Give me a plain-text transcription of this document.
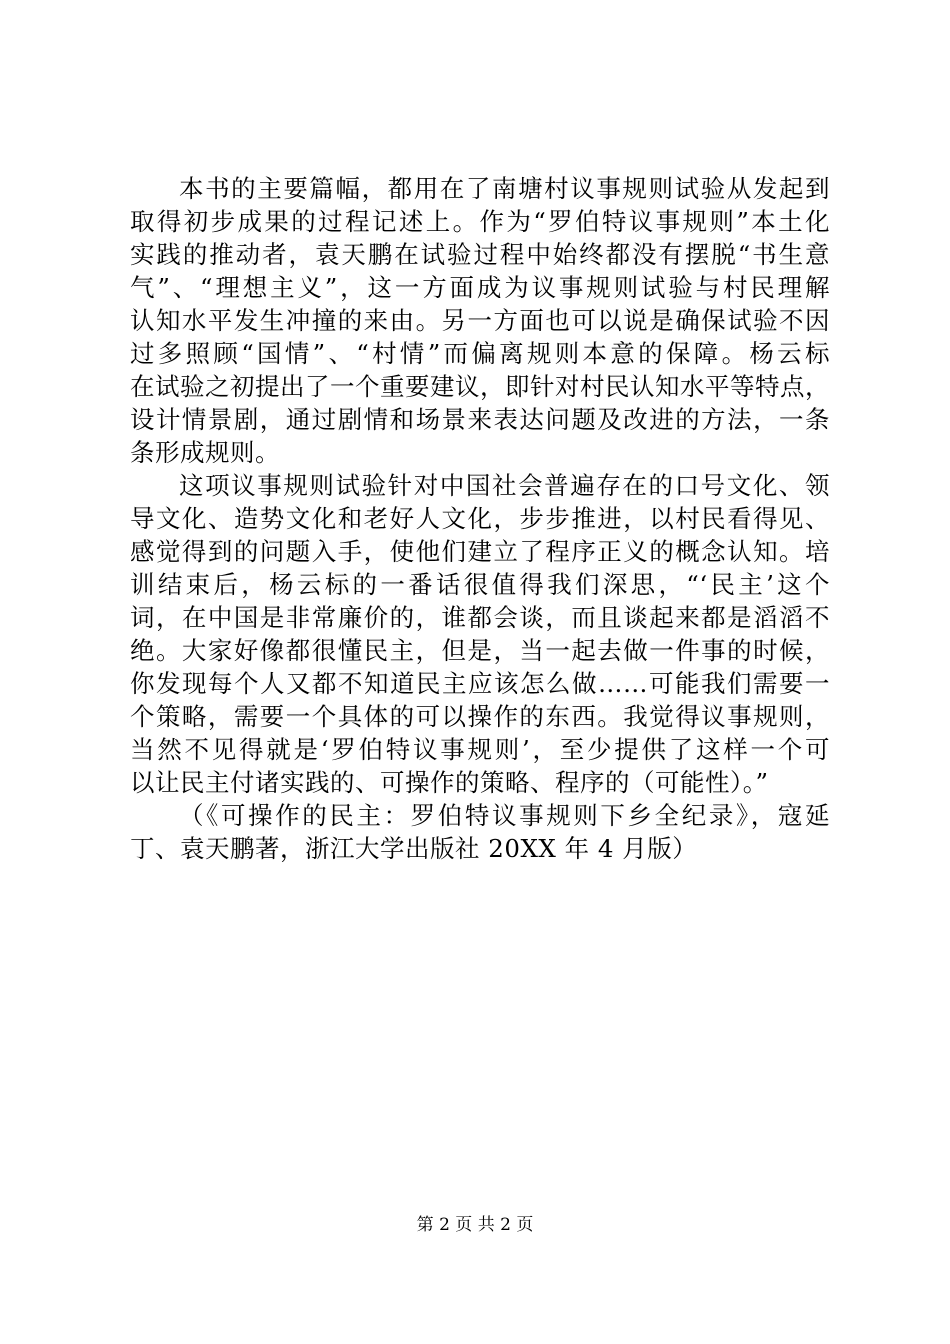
本书的主要篇幅，都用在了南塘村议事规则试验从发起到
取得初步成果的过程记述上。作为“罗伯特议事规则”本土化
实践的推动者，袁天鹏在试验过程中始终都没有摆脱“书生意
气”、“理想主义”，这一方面成为议事规则试验与村民理解
认知水平发生冲撞的来由。另一方面也可以说是确保试验不因
过多照顾“国情”、“村情”而偏离规则本意的保障。杨云标
在试验之初提出了一个重要建议，即针对村民认知水平等特点，
设计情景剧，通过剧情和场景来表达问题及改进的方法，一条
条形成规则。
这项议事规则试验针对中国社会普遍存在的口号文化、领
导文化、造势文化和老好人文化，步步推进，以村民看得见、
感觉得到的问题入手，使他们建立了程序正义的概念认知。培
训结束后，杨云标的一番话很值得我们深思，“‘民主’这个
词，在中国是非常廉价的，谁都会谈，而且谈起来都是滔滔不
绝。大家好像都很懂民主，但是，当一起去做一件事的时候，
你发现每个人又都不知道民主应该怎么做……可能我们需要一
个策略，需要一个具体的可以操作的东西。我觉得议事规则，
当然不见得就是‘罗伯特议事规则’，至少提供了这样一个可
以让民主付诸实践的、可操作的策略、程序的（可能性）。”
（《可操作的民主：罗伯特议事规则下乡全纪录》，寇延
丁、袁天鹏著，浙江大学出版社 20XX 年 4 月版）
第 2 页 共 2 页
